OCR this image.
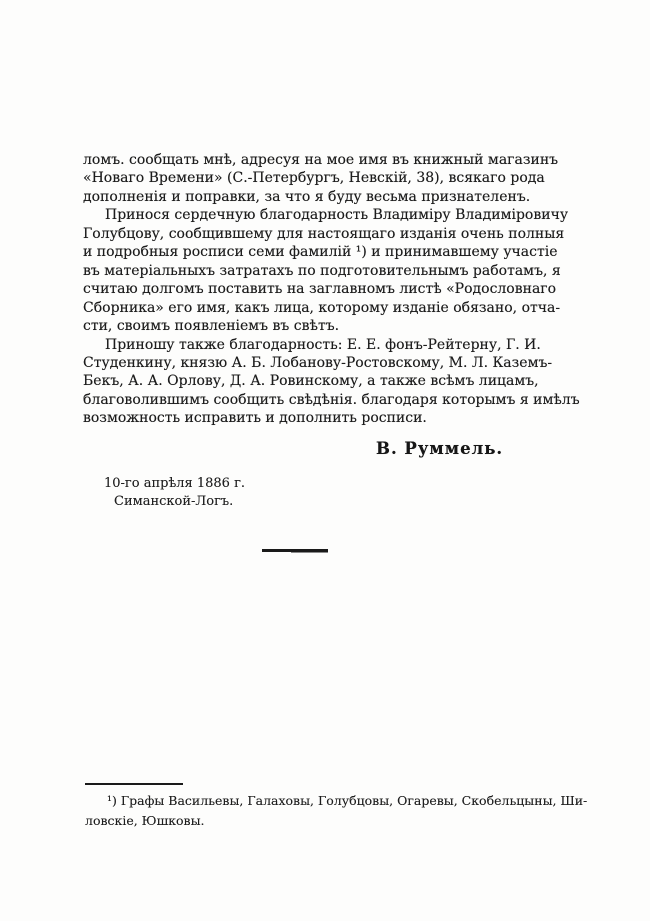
ломъ. сообщать мнѣ, адресуя на мое имя въ книжный магазинъ
«Новаго Времени» (С.-Петербургъ, Невскій, 38), всякаго рода
дополненія и поправки, за что я буду весьма признателенъ.
Принося сердечную благодарность Владиміру Владиміровичу
Голубцову, сообщившему для настоящаго изданія очень полныя
и подробныя росписи семи фамилій ¹) и принимавшему участіе
въ матеріальныхъ затратахъ по подготовительнымъ работамъ, я
считаю долгомъ поставить на заглавномъ листѣ «Родословнаго
Сборника» его имя, какъ лица, которому изданіе обязано, отча-
сти, своимъ появленіемъ въ свѣтъ.
Приношу также благодарность: Е. Е. фонъ-Рейтерну, Г. И.
Студенкину, князю А. Б. Лобанову-Ростовскому, М. Л. Каземъ-
Бекъ, А. А. Орлову, Д. А. Ровинскому, а также всѣмъ лицамъ,
благоволившимъ сообщить свѣдѣнія. благодаря которымъ я имѣлъ
возможность исправить и дополнить росписи.
В. Руммель.
10-го апрѣля 1886 г.
Симанской-Логъ.
¹) Графы Васильевы, Галаховы, Голубцовы, Огаревы, Скобельцыны, Ши-
ловскіе, Юшковы.
